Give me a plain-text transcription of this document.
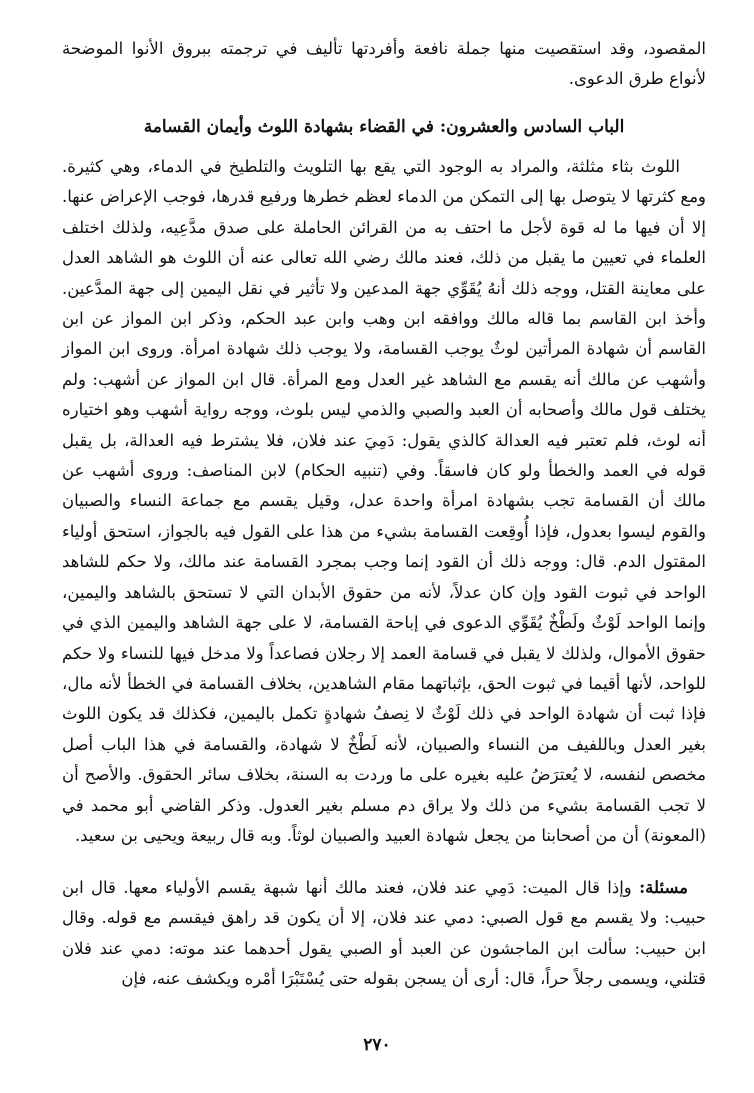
المقصود، وقد استقصيت منها جملة نافعة وأفردتها تأليف في ترجمته ببروق الأنوا الموضحة لأنواع طرق الدعوى.

الباب السادس والعشرون: في القضاء بشهادة اللوث وأيمان القسامة

اللوث بثاء مثلثة، والمراد به الوجود التي يقع بها التلويث والتلطيخ في الدماء، وهي كثيرة. ومع كثرتها لا يتوصل بها إلى التمكن من الدماء لعظم خطرها ورفيع قدرها، فوجب الإعراض عنها. إلا أن فيها ما له قوة لأجل ما احتف به من القرائن الحاملة على صدق مدَّعِيه، ولذلك اختلف العلماء في تعيين ما يقبل من ذلك، فعند مالك رضي الله تعالى عنه أن اللوث هو الشاهد العدل على معاينة القتل، ووجه ذلك أنهُ يُقَوِّي جهة المدعين ولا تأثير في نقل اليمين إلى جهة المدَّعين. وأخذ ابن القاسم بما قاله مالك ووافقه ابن وهب وابن عبد الحكم، وذكر ابن المواز عن ابن القاسم أن شهادة المرأتين لوثٌ يوجب القسامة، ولا يوجب ذلك شهادة امرأة. وروى ابن المواز وأشهب عن مالك أنه يقسم مع الشاهد غير العدل ومع المرأة. قال ابن المواز عن أشهب: ولم يختلف قول مالك وأصحابه أن العبد والصبي والذمي ليس بلوث، ووجه رواية أشهب وهو اختياره أنه لوث، فلم تعتبر فيه العدالة كالذي يقول: دَمِيَ عند فلان، فلا يشترط فيه العدالة، بل يقبل قوله في العمد والخطأ ولو كان فاسقاً. وفي (تنبيه الحكام) لابن المناصف: وروى أشهب عن مالك أن القسامة تجب بشهادة امرأة واحدة عدل، وقيل يقسم مع جماعة النساء والصبيان والقوم ليسوا بعدول، فإذا أُوقِعت القسامة بشيء من هذا على القول فيه بالجواز، استحق أولياء المقتول الدم. قال: ووجه ذلك أن القود إنما وجب بمجرد القسامة عند مالك، ولا حكم للشاهد الواحد في ثبوت القود وإن كان عدلاً، لأنه من حقوق الأبدان التي لا تستحق بالشاهد واليمين، وإنما الواحد لَوْثٌ ولَطْخٌ يُقَوِّي الدعوى في إباحة القسامة، لا على جهة الشاهد واليمين الذي في حقوق الأموال، ولذلك لا يقبل في قسامة العمد إلا رجلان فصاعداً ولا مدخل فيها للنساء ولا حكم للواحد، لأنها أقيما في ثبوت الحق، بإثباتهما مقام الشاهدين، بخلاف القسامة في الخطأ لأنه مال، فإذا ثبت أن شهادة الواحد في ذلك لَوْثٌ لا نِصفُ شهادةٍ تكمل باليمين، فكذلك قد يكون اللوث بغير العدل وباللفيف من النساء والصبيان، لأنه لَطْخٌ لا شهادة، والقسامة في هذا الباب أصل مخصص لنفسه، لا يُعترَضُ عليه بغيره على ما وردت به السنة، بخلاف سائر الحقوق. والأصح أن لا تجب القسامة بشيء من ذلك ولا يراق دم مسلم بغير العدول. وذكر القاضي أبو محمد في (المعونة) أن من أصحابنا من يجعل شهادة العبيد والصبيان لوثاً. وبه قال ربيعة ويحيى بن سعيد.

مسئلة: وإذا قال الميت: دَمِي عند فلان، فعند مالك أنها شبهة يقسم الأولياء معها. قال ابن حبيب: ولا يقسم مع قول الصبي: دمي عند فلان، إلا أن يكون قد راهق فيقسم مع قوله. وقال ابن حبيب: سألت ابن الماجشون عن العبد أو الصبي يقول أحدهما عند موته: دمي عند فلان قتلني، ويسمى رجلاً حراً، قال: أرى أن يسجن بقوله حتى يُسْتَبْرَا أمْره ويكشف عنه، فإن

٢٧٠
